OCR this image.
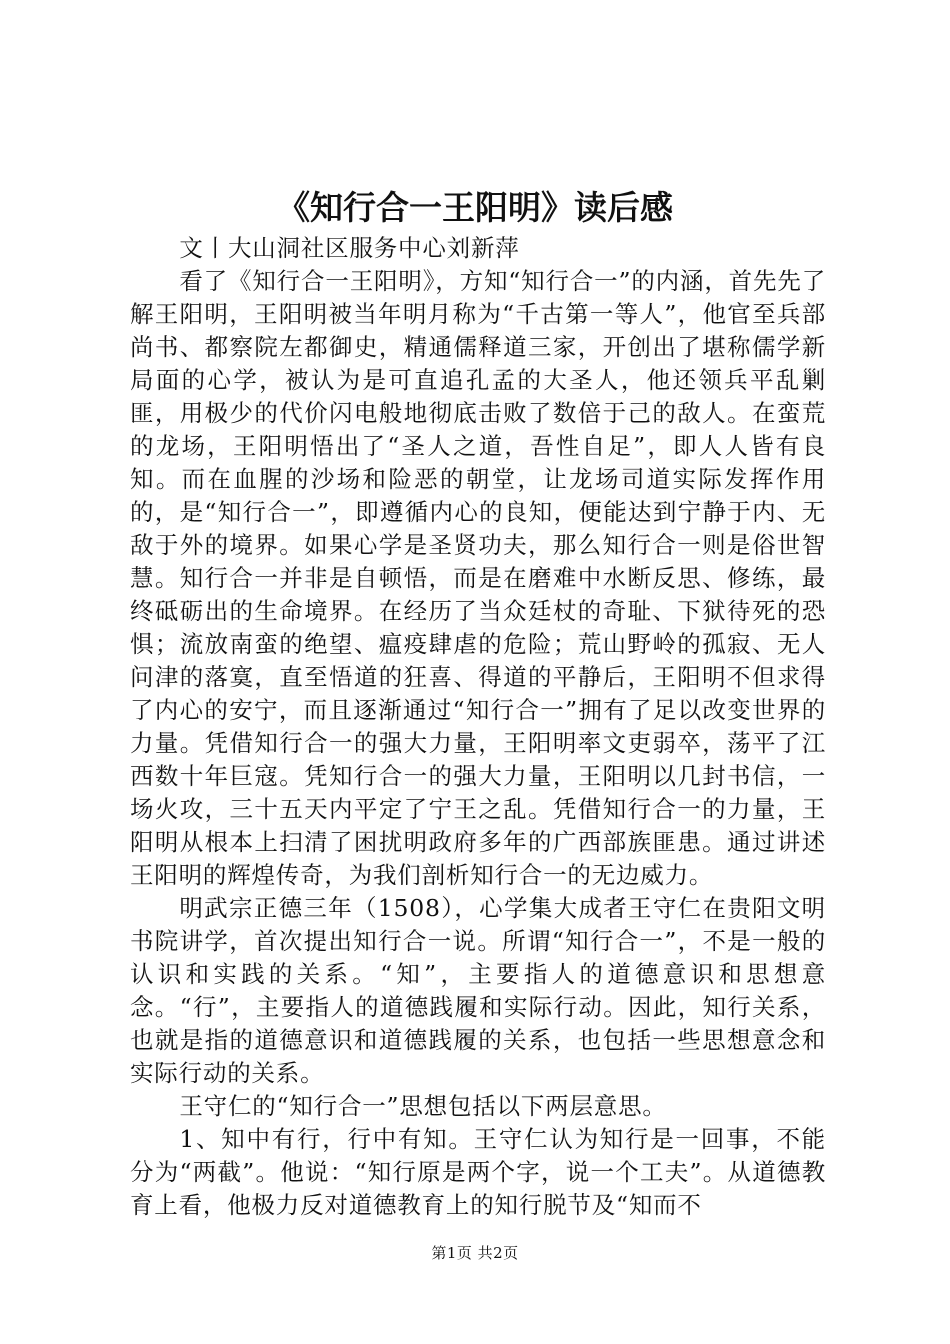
《知行合一王阳明》读后感

文丨大山洞社区服务中心刘新萍

看了《知行合一王阳明》，方知“知行合一”的内涵，首先先了解王阳明，王阳明被当年明月称为“千古第一等人”，他官至兵部尚书、都察院左都御史，精通儒释道三家，开创出了堪称儒学新局面的心学，被认为是可直追孔孟的大圣人，他还领兵平乱剿匪，用极少的代价闪电般地彻底击败了数倍于己的敌人。在蛮荒的龙场，王阳明悟出了“圣人之道，吾性自足”，即人人皆有良知。而在血腥的沙场和险恶的朝堂，让龙场司道实际发挥作用的，是“知行合一”，即遵循内心的良知，便能达到宁静于内、无敌于外的境界。如果心学是圣贤功夫，那么知行合一则是俗世智慧。知行合一并非是自顿悟，而是在磨难中水断反思、修练，最终砥砺出的生命境界。在经历了当众廷杖的奇耻、下狱待死的恐惧；流放南蛮的绝望、瘟疫肆虐的危险；荒山野岭的孤寂、无人问津的落寞，直至悟道的狂喜、得道的平静后，王阳明不但求得了内心的安宁，而且逐渐通过“知行合一”拥有了足以改变世界的力量。凭借知行合一的强大力量，王阳明率文吏弱卒，荡平了江西数十年巨寇。凭知行合一的强大力量，王阳明以几封书信，一场火攻，三十五天内平定了宁王之乱。凭借知行合一的力量，王阳明从根本上扫清了困扰明政府多年的广西部族匪患。通过讲述王阳明的辉煌传奇，为我们剖析知行合一的无边威力。

明武宗正德三年（1508），心学集大成者王守仁在贵阳文明书院讲学，首次提出知行合一说。所谓“知行合一”，不是一般的认识和实践的关系。“知”，主要指人的道德意识和思想意念。“行”，主要指人的道德践履和实际行动。因此，知行关系，也就是指的道德意识和道德践履的关系，也包括一些思想意念和实际行动的关系。

王守仁的“知行合一”思想包括以下两层意思。

1、知中有行，行中有知。王守仁认为知行是一回事，不能分为“两截”。他说：“知行原是两个字，说一个工夫”。从道德教育上看，他极力反对道德教育上的知行脱节及“知而不

第1页 共2页
